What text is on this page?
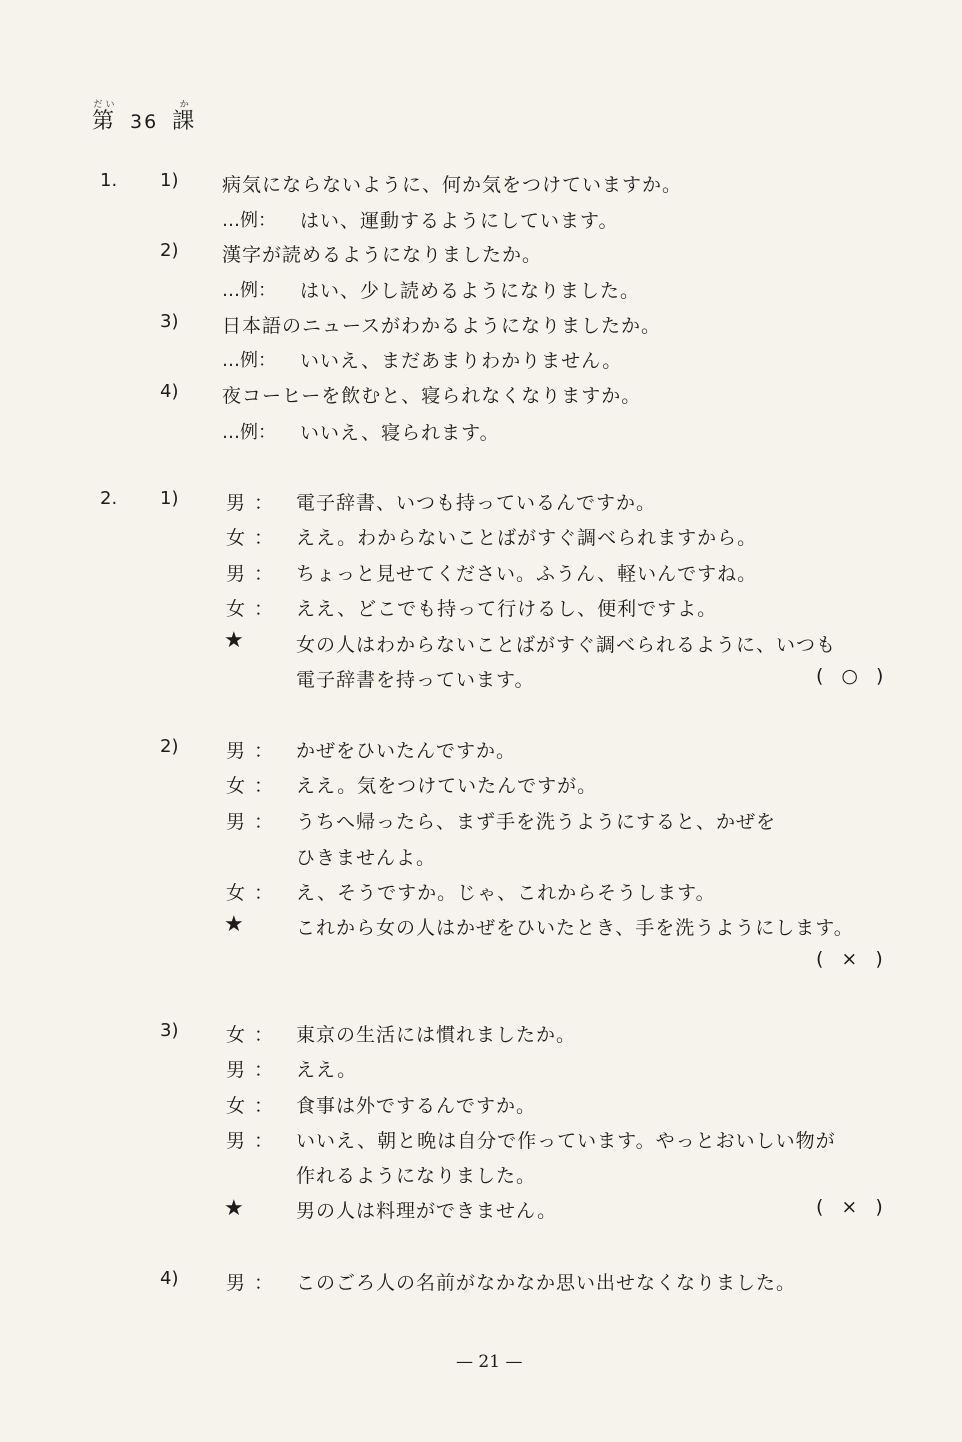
第だい36 課か
1. 1) 病気にならないように、何か気をつけていますか。
…例： はい、運動するようにしています。
2) 漢字が読めるようになりましたか。
…例： はい、少し読めるようになりました。
3) 日本語のニュースがわかるようになりましたか。
…例： いいえ、まだあまりわかりません。
4) 夜コーヒーを飲むと、寝られなくなりますか。
…例： いいえ、寝られます。
2. 1)	男 ： 電子辞書、いつも持っているんですか。
女 ： ええ。わからないことばがすぐ調べられますから。
男 ： ちょっと見せてください。ふうん、軽いんですね。
女 ： ええ、どこでも持って行けるし、便利ですよ。
★	女の人はわからないことばがすぐ調べられるように、いつも
電子辞書を持っています。	(○)
2)	男 ： かぜをひいたんですか。
女 ： ええ。気をつけていたんですが。
男 ： うちへ帰ったら、まず手を洗うようにすると、かぜを
ひきませんよ。
女 ： え、そうですか。じゃ、これからそうします。
★	これから女の人はかぜをひいたとき、手を洗うようにします。
(×)
3)	女 ： 東京の生活には慣れましたか。
男 ： ええ。
女 ： 食事は外でするんですか。
男 ： いいえ、朝と晩は自分で作っています。やっとおいしい物が
作れるようになりました。
★	男の人は料理ができません。	(×)
4)	男 ： このごろ人の名前がなかなか思い出せなくなりました。
— 21 —
